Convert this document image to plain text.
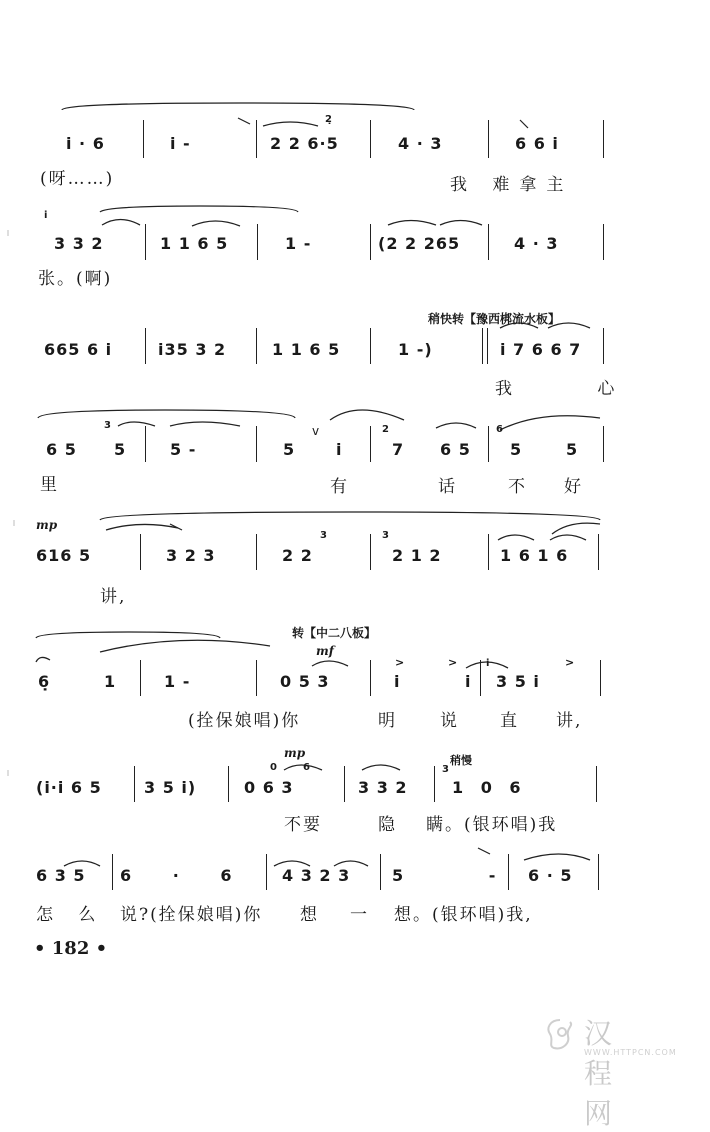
i · 6	i -	2 2 6·5
2̣
4 · 3	6 6 i
(呀……)	我 难拿主
i
3 3 2	1 1 6 5	1 -	(2 2 265	4 · 3
张。(啊)
稍快转【豫西梆流水板】
665 6 i	i35 3 2	1 1 6 5	1 -)	i 7 6 6 7
我 心
6 5
3
5	5 -	5
v
i
2
7 6 5
6
5	5
里	有	话	不 好
mp
616 5	3 2 3	2 2
3	3
2 1 2	1 6 1 6
讲,
转【中二八板】
mf
6̣	1	1 -	0 5 3
>	>
i i
i	>
3 5 i
(拴保娘唱)你	明	说 直 讲,
mp
稍慢
(i·i 6 5	3 5 i)
0	6
0 6 3	3 3 2
3
1 0 6
不要	隐 瞒。(银环唱)我
6 3 5 6 · 6 4 3 2 3	5 -
6 · 5
怎 么 说?(拴保娘唱)你 想 一 想。(银环唱)我,
• 182 •
汉程网
WWW.HTTPCN.COM
